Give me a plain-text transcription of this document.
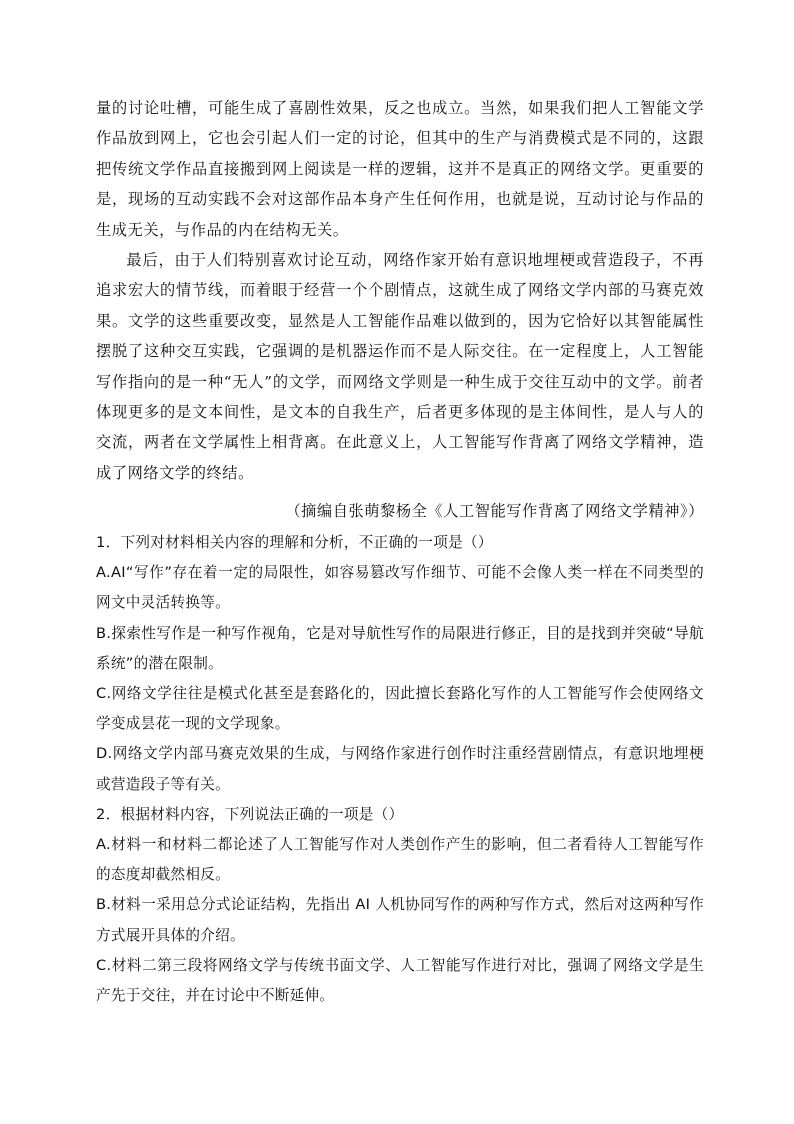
量的讨论吐槽，可能生成了喜剧性效果，反之也成立。当然，如果我们把人工智能文学作品放到网上，它也会引起人们一定的讨论，但其中的生产与消费模式是不同的，这跟把传统文学作品直接搬到网上阅读是一样的逻辑，这并不是真正的网络文学。更重要的是，现场的互动实践不会对这部作品本身产生任何作用，也就是说，互动讨论与作品的生成无关，与作品的内在结构无关。

最后，由于人们特别喜欢讨论互动，网络作家开始有意识地埋梗或营造段子，不再追求宏大的情节线，而着眼于经营一个个剧情点，这就生成了网络文学内部的马赛克效果。文学的这些重要改变，显然是人工智能作品难以做到的，因为它恰好以其智能属性摆脱了这种交互实践，它强调的是机器运作而不是人际交往。在一定程度上，人工智能写作指向的是一种“无人”的文学，而网络文学则是一种生成于交往互动中的文学。前者体现更多的是文本间性，是文本的自我生产，后者更多体现的是主体间性，是人与人的交流，两者在文学属性上相背离。在此意义上，人工智能写作背离了网络文学精神，造成了网络文学的终结。

（摘编自张萌黎杨全《人工智能写作背离了网络文学精神》）

1．下列对材料相关内容的理解和分析，不正确的一项是（）

A.AI“写作”存在着一定的局限性，如容易篡改写作细节、可能不会像人类一样在不同类型的网文中灵活转换等。

B.探索性写作是一种写作视角，它是对导航性写作的局限进行修正，目的是找到并突破“导航系统”的潜在限制。

C.网络文学往往是模式化甚至是套路化的，因此擅长套路化写作的人工智能写作会使网络文学变成昙花一现的文学现象。

D.网络文学内部马赛克效果的生成，与网络作家进行创作时注重经营剧情点，有意识地埋梗或营造段子等有关。

2．根据材料内容，下列说法正确的一项是（）

A.材料一和材料二都论述了人工智能写作对人类创作产生的影响，但二者看待人工智能写作的态度却截然相反。

B.材料一采用总分式论证结构，先指出 AI 人机协同写作的两种写作方式，然后对这两种写作方式展开具体的介绍。

C.材料二第三段将网络文学与传统书面文学、人工智能写作进行对比，强调了网络文学是生产先于交往，并在讨论中不断延伸。
